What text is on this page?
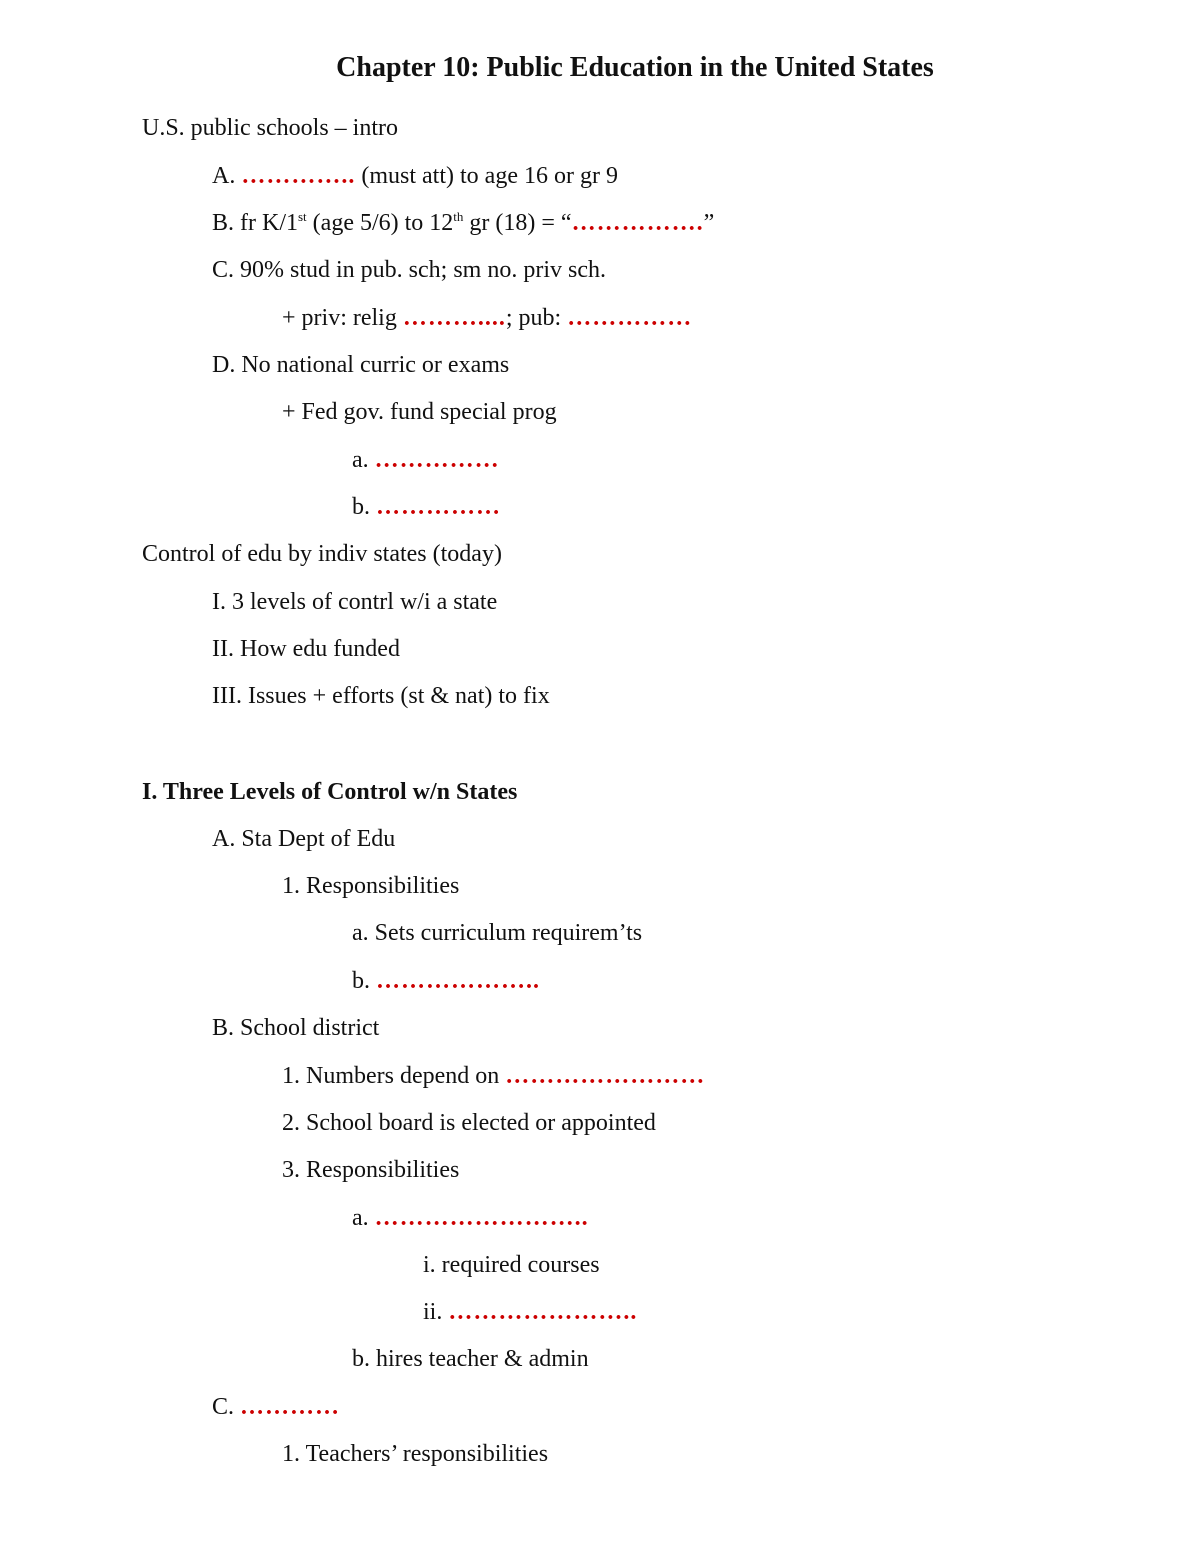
Chapter 10: Public Education in the United States
U.S. public schools – intro
A. ………….. (must att) to age 16 or gr 9
B. fr K/1st (age 5/6) to 12th gr (18) = “…………….”
C. 90% stud in pub. sch; sm no. priv sch.
+ priv: relig ………....; pub: ……………
D. No national curric or exams
+ Fed gov. fund special prog
a. ……………
b. ……………
Control of edu by indiv states (today)
I. 3 levels of contrl w/i a state
II. How edu funded
III. Issues + efforts (st & nat) to fix
I. Three Levels of Control w/n States
A. Sta Dept of Edu
1. Responsibilities
a. Sets curriculum requirem’ts
b. ………………..
B. School district
1. Numbers depend on ……………………
2. School board is elected or appointed
3. Responsibilities
a. ……………………..
i. required courses
ii. …………………..
b. hires teacher & admin
C. …………
1. Teachers’ responsibilities
